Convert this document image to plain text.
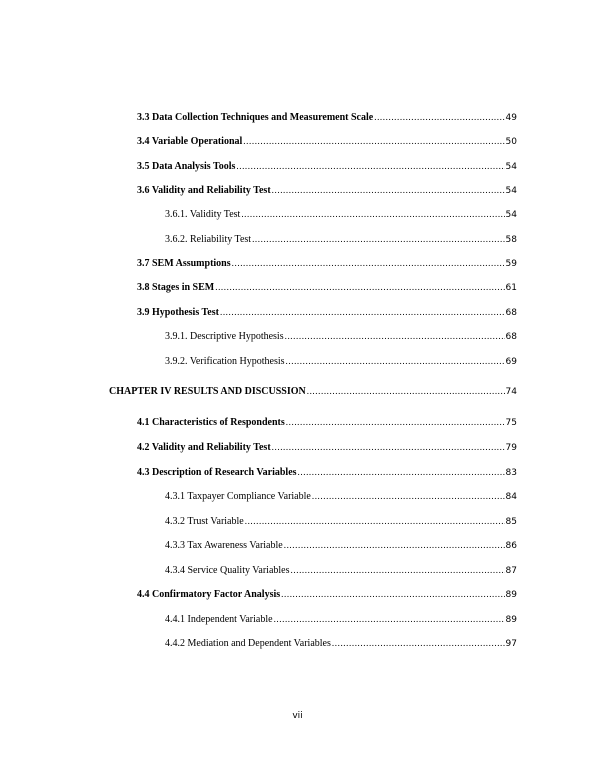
3.3 Data Collection Techniques and Measurement Scale .....	49
3.4 Variable Operational .....	50
3.5 Data Analysis Tools .....	54
3.6 Validity and Reliability Test .....	54
3.6.1. Validity Test .....	54
3.6.2. Reliability Test .....	58
3.7 SEM Assumptions .....	59
3.8 Stages in SEM .....	61
3.9 Hypothesis Test .....	68
3.9.1. Descriptive Hypothesis .....	68
3.9.2. Verification Hypothesis .....	69
CHAPTER IV RESULTS AND DISCUSSION .....	74
4.1 Characteristics of Respondents .....	75
4.2 Validity and Reliability Test .....	79
4.3 Description of Research Variables .....	83
4.3.1 Taxpayer Compliance Variable .....	84
4.3.2 Trust Variable .....	85
4.3.3 Tax Awareness Variable .....	86
4.3.4 Service Quality Variables .....	87
4.4 Confirmatory Factor Analysis .....	89
4.4.1 Independent Variable .....	89
4.4.2 Mediation and Dependent Variables .....	97
vii
